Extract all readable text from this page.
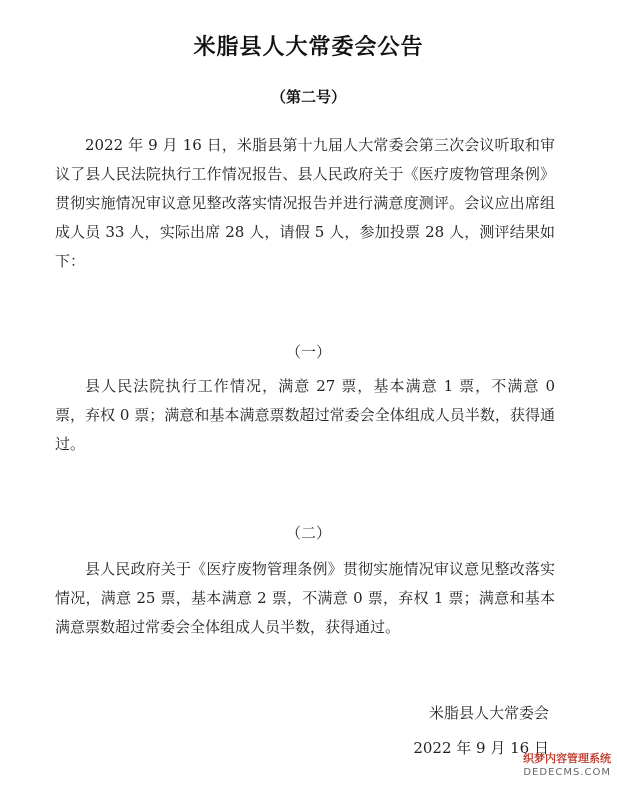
米脂县人大常委会公告
（第二号）

2022 年 9 月 16 日，米脂县第十九届人大常委会第三次会议听取和审议了县人民法院执行工作情况报告、县人民政府关于《医疗废物管理条例》贯彻实施情况审议意见整改落实情况报告并进行满意度测评。会议应出席组成人员 33 人，实际出席 28 人，请假 5 人，参加投票 28 人，测评结果如下：

（一）

县人民法院执行工作情况，满意 27 票，基本满意 1 票，不满意 0 票，弃权 0 票；满意和基本满意票数超过常委会全体组成人员半数，获得通过。

（二）

县人民政府关于《医疗废物管理条例》贯彻实施情况审议意见整改落实情况，满意 25 票，基本满意 2 票，不满意 0 票，弃权 1 票；满意和基本满意票数超过常委会全体组成人员半数，获得通过。

米脂县人大常委会
2022 年 9 月 16 日
织梦内容管理系统
DEDECMS.COM
